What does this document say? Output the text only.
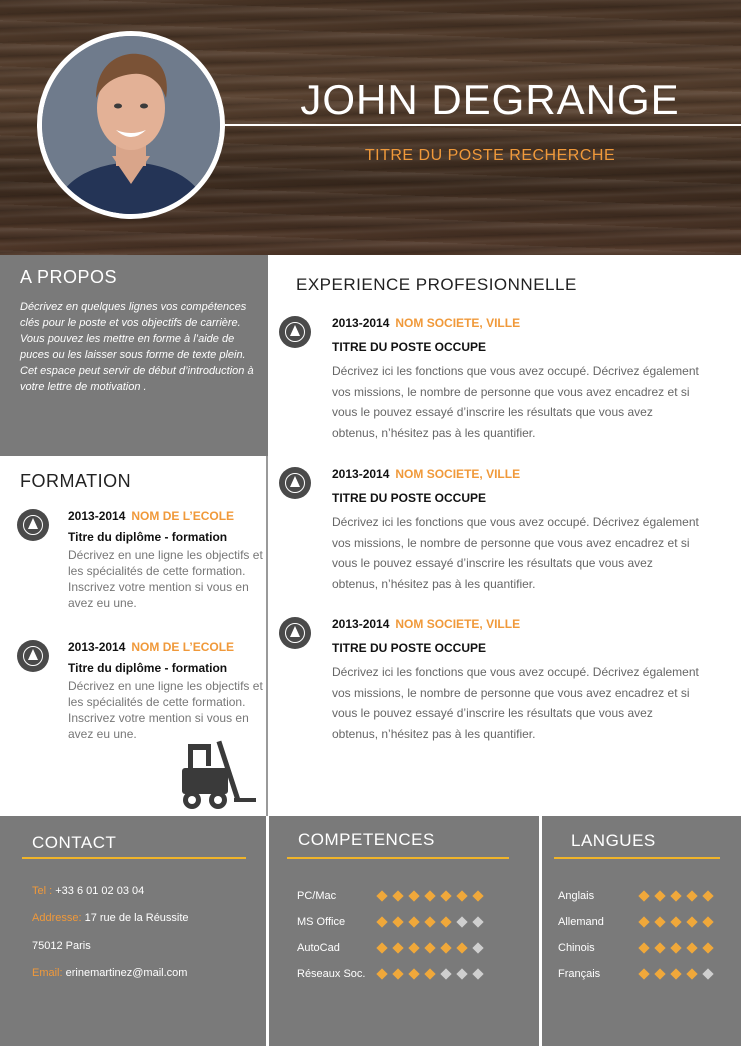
JOHN DEGRANGE
TITRE DU POSTE RECHERCHE
A PROPOS
Décrivez en quelques lignes vos compétences clés pour le poste et vos objectifs de carrière. Vous pouvez les mettre en forme à l’aide de puces ou les laisser sous forme de texte plein. Cet espace peut servir de début d’introduction à votre lettre de motivation .
FORMATION
2013-2014 NOM DE L’ECOLE
Titre du diplôme - formation
Décrivez en une ligne les objectifs et les spécialités de cette formation. Inscrivez votre mention si vous en avez eu une.
2013-2014 NOM DE L’ECOLE
Titre du diplôme - formation
Décrivez en une ligne les objectifs et les spécialités de cette formation. Inscrivez votre mention si vous en avez eu une.
EXPERIENCE PROFESIONNELLE
2013-2014 NOM SOCIETE, VILLE
TITRE DU POSTE OCCUPE
Décrivez ici les fonctions que vous avez occupé. Décrivez également vos missions, le nombre de personne que vous avez encadrez et si vous le pouvez essayé d’inscrire les résultats que vous avez obtenus, n’hésitez pas à les quantifier.
2013-2014 NOM SOCIETE, VILLE
TITRE DU POSTE OCCUPE
Décrivez ici les fonctions que vous avez occupé. Décrivez également vos missions, le nombre de personne que vous avez encadrez et si vous le pouvez essayé d’inscrire les résultats que vous avez obtenus, n’hésitez pas à les quantifier.
2013-2014 NOM SOCIETE, VILLE
TITRE DU POSTE OCCUPE
Décrivez ici les fonctions que vous avez occupé. Décrivez également vos missions, le nombre de personne que vous avez encadrez et si vous le pouvez essayé d’inscrire les résultats que vous avez obtenus, n’hésitez pas à les quantifier.
CONTACT
Tel : +33 6 01 02 03 04
Addresse: 17 rue de la Réussite
75012 Paris
Email: erinemartinez@mail.com
COMPETENCES
PC/Mac
MS Office
AutoCad
Réseaux Soc.
LANGUES
Anglais
Allemand
Chinois
Français
